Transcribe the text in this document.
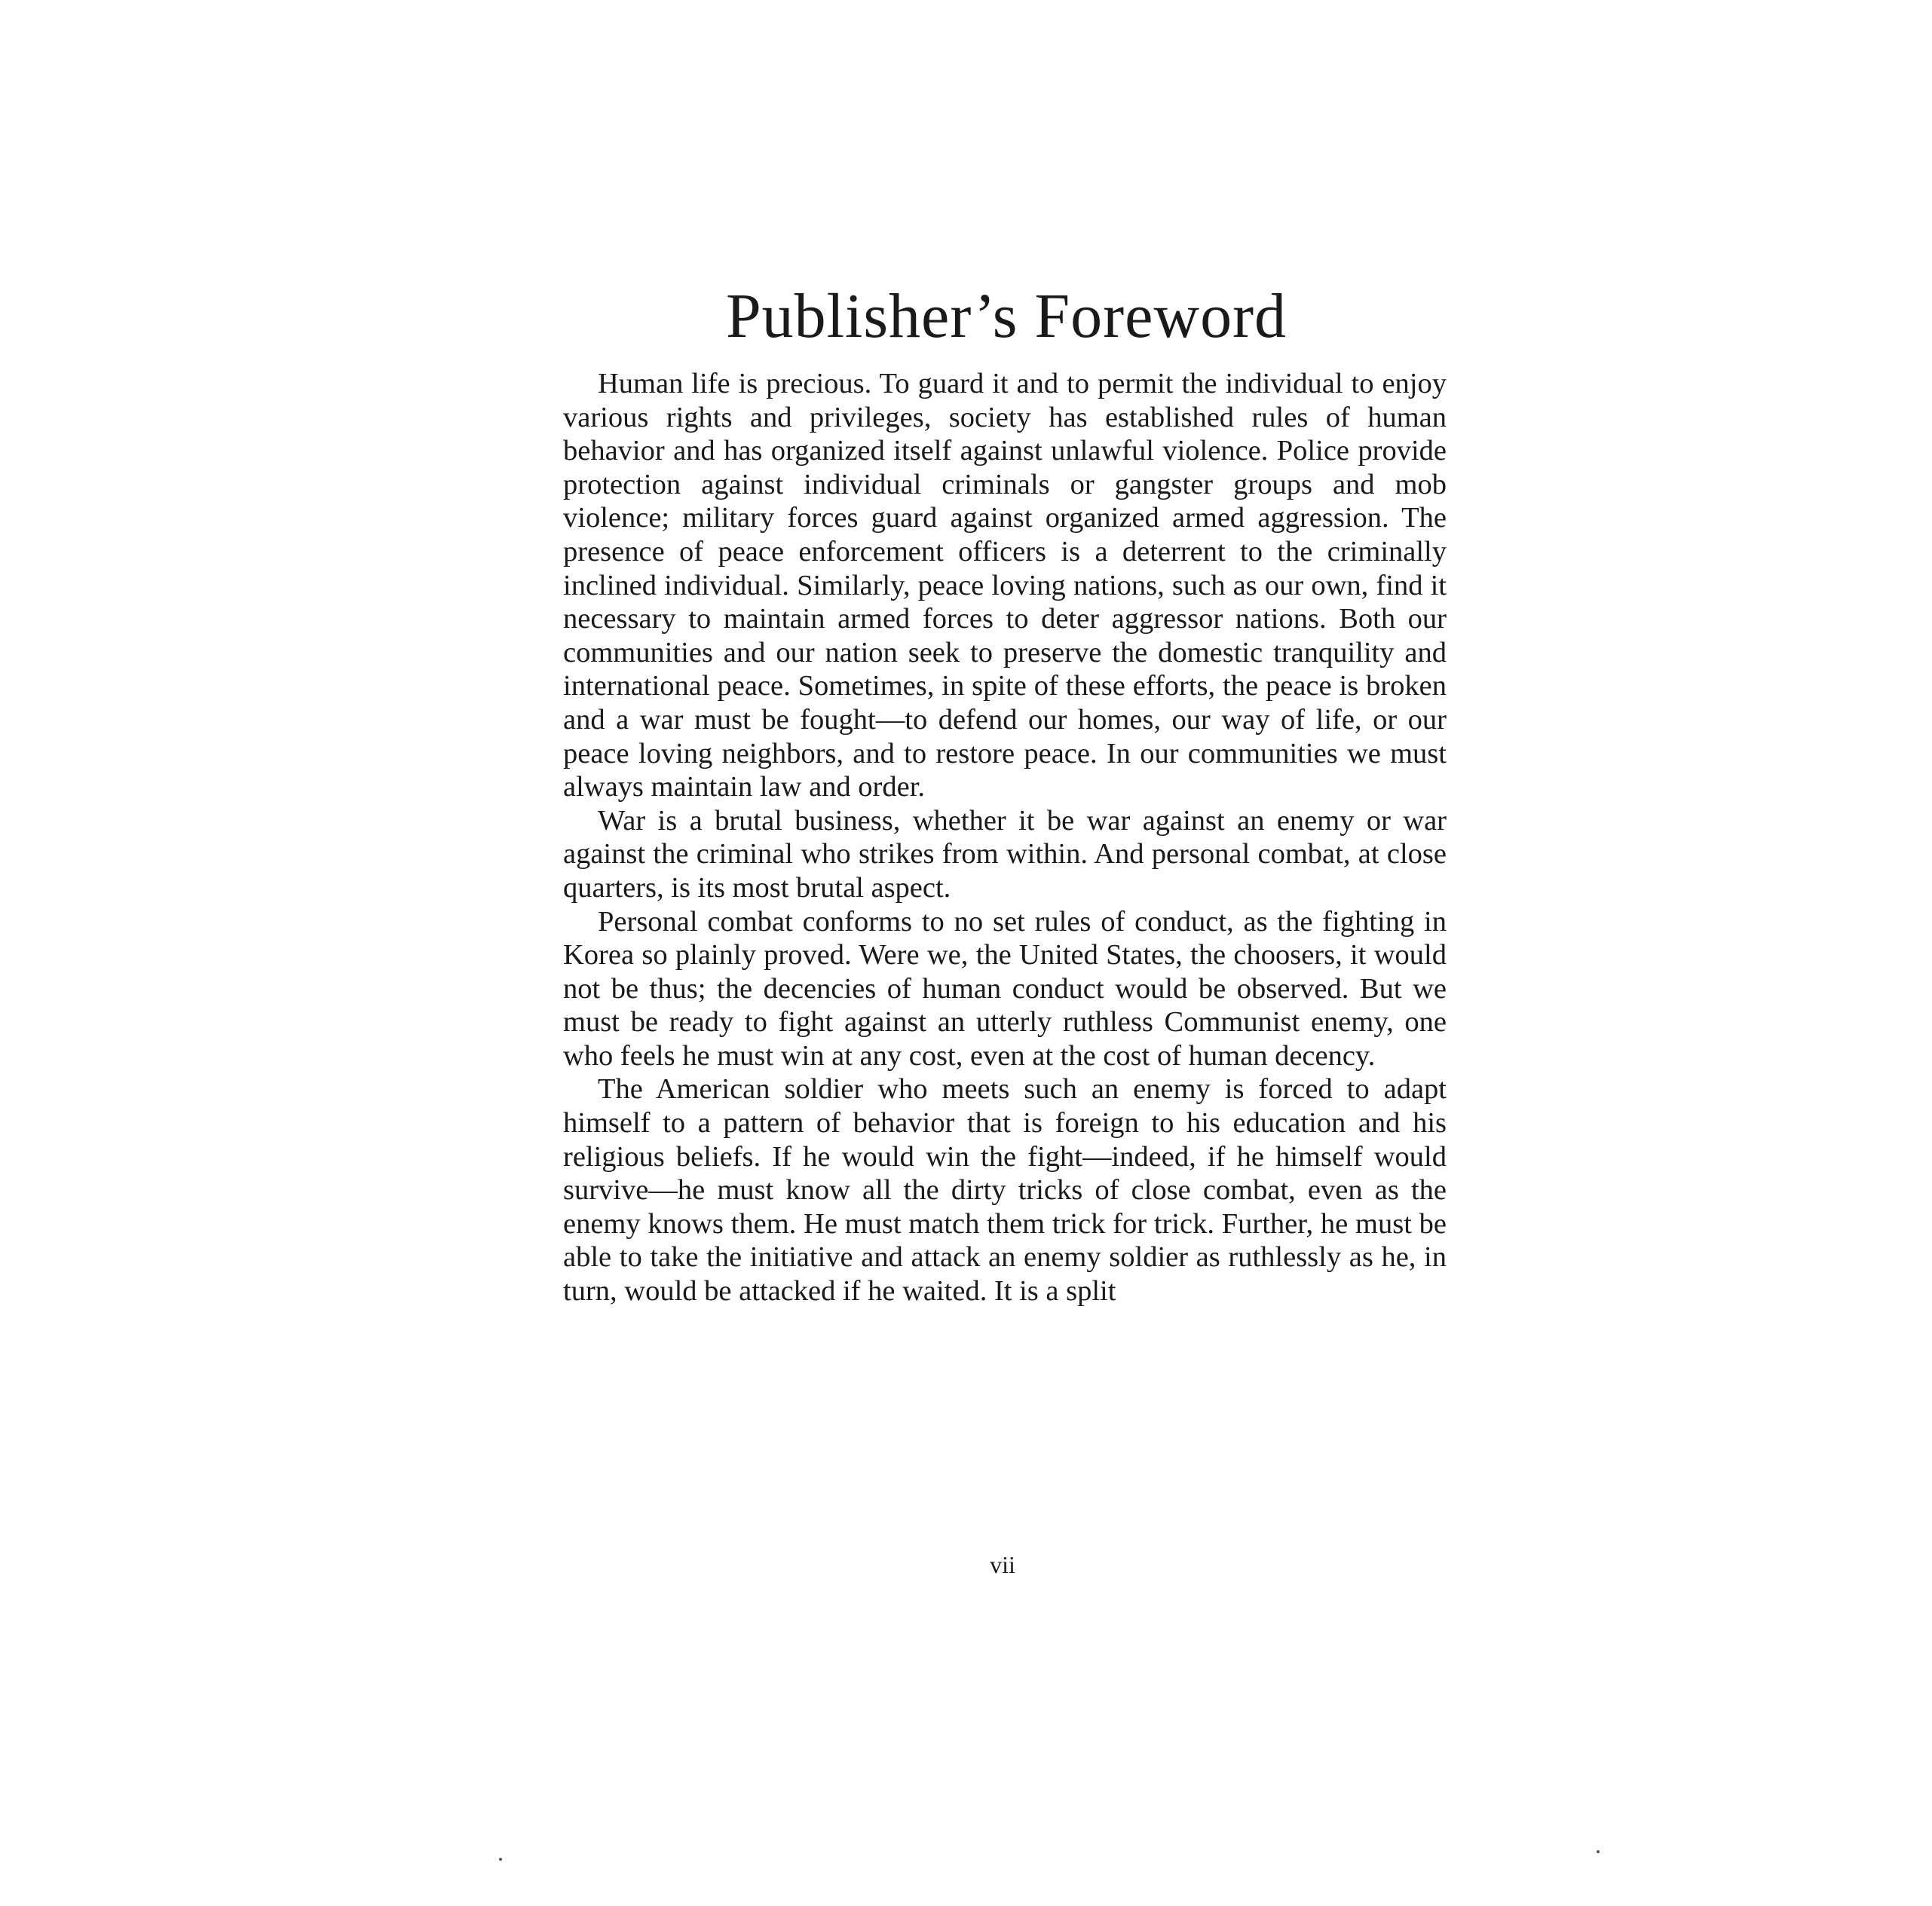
Publisher’s Foreword

Human life is precious. To guard it and to permit the individual to enjoy various rights and privileges, society has established rules of human behavior and has organized itself against unlawful violence. Police provide protection against individual criminals or gangster groups and mob violence; military forces guard against organized armed aggression. The presence of peace enforcement officers is a deterrent to the criminally inclined individual. Similarly, peace loving nations, such as our own, find it necessary to maintain armed forces to deter aggressor nations. Both our communities and our nation seek to preserve the domestic tranquility and international peace. Sometimes, in spite of these efforts, the peace is broken and a war must be fought—to defend our homes, our way of life, or our peace loving neighbors, and to restore peace. In our communities we must always maintain law and order.

War is a brutal business, whether it be war against an enemy or war against the criminal who strikes from within. And personal combat, at close quarters, is its most brutal aspect.

Personal combat conforms to no set rules of conduct, as the fighting in Korea so plainly proved. Were we, the United States, the choosers, it would not be thus; the decencies of human conduct would be observed. But we must be ready to fight against an utterly ruthless Communist enemy, one who feels he must win at any cost, even at the cost of human decency.

The American soldier who meets such an enemy is forced to adapt himself to a pattern of behavior that is foreign to his education and his religious beliefs. If he would win the fight—indeed, if he himself would survive—he must know all the dirty tricks of close combat, even as the enemy knows them. He must match them trick for trick. Further, he must be able to take the initiative and attack an enemy soldier as ruthlessly as he, in turn, would be attacked if he waited. It is a split

vii
